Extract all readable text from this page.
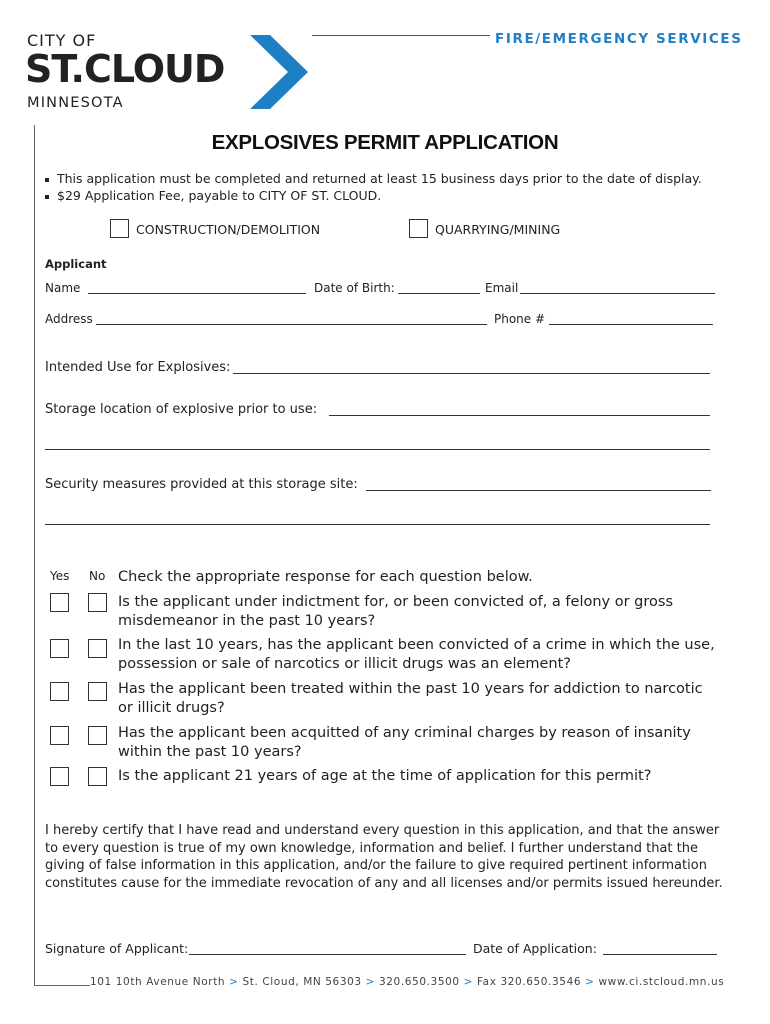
CITY OF
ST.CLOUD
MINNESOTA
FIRE/EMERGENCY SERVICES
EXPLOSIVES PERMIT APPLICATION
This application must be completed and returned at least 15 business days prior to the date of display.
$29 Application Fee, payable to CITY OF ST. CLOUD.
CONSTRUCTION/DEMOLITION	QUARRYING/MINING
Applicant
Name	Date of Birth:	Email
Address	Phone #
Intended Use for Explosives:
Storage location of explosive prior to use:
Security measures provided at this storage site:
Yes No Check the appropriate response for each question below.
Is the applicant under indictment for, or been convicted of, a felony or gross misdemeanor in the past 10 years?
In the last 10 years, has the applicant been convicted of a crime in which the use, possession or sale of narcotics or illicit drugs was an element?
Has the applicant been treated within the past 10 years for addiction to narcotic or illicit drugs?
Has the applicant been acquitted of any criminal charges by reason of insanity within the past 10 years?
Is the applicant 21 years of age at the time of application for this permit?
I hereby certify that I have read and understand every question in this application, and that the answer to every question is true of my own knowledge, information and belief. I further understand that the giving of false information in this application, and/or the failure to give required pertinent information constitutes cause for the immediate revocation of any and all licenses and/or permits issued hereunder.
Signature of Applicant:	Date of Application:
101 10th Avenue North > St. Cloud, MN 56303 > 320.650.3500 > Fax 320.650.3546 > www.ci.stcloud.mn.us
